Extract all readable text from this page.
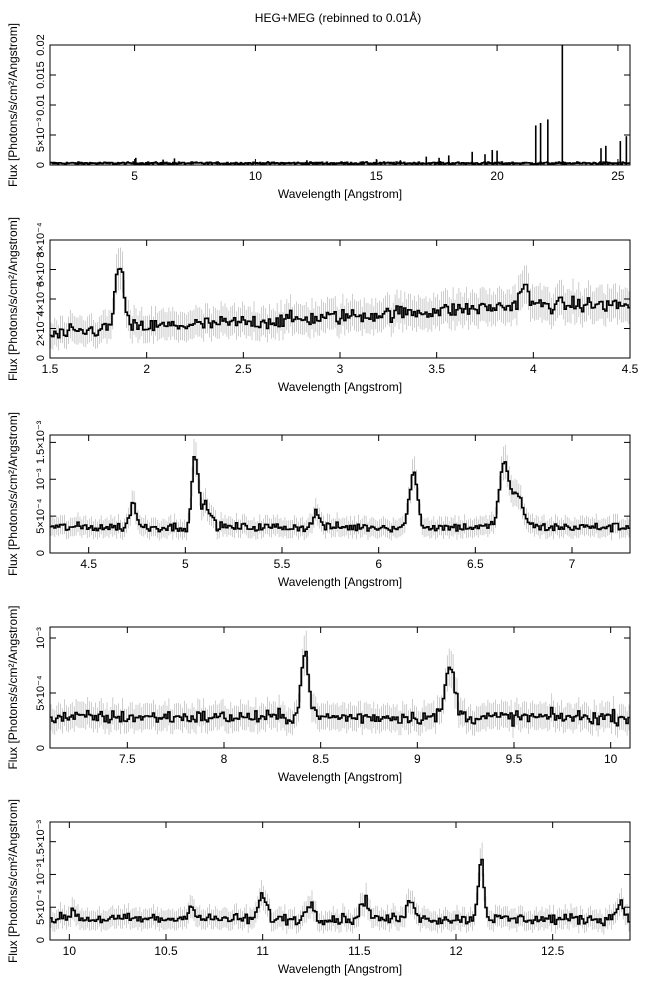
HEG+MEG (rebinned to 0.01Å)
5	10	15	20	25
0
5×10⁻³
0.01
0.015
0.02
Wavelength [Angstrom]
Flux [Photons/s/cm²/Angstrom]
1.5	2	2.5	3	3.5	4	4.5
0
2×10⁻⁴
4×10⁻⁴
6×10⁻⁴
8×10⁻⁴
Wavelength [Angstrom]
Flux [Photons/s/cm²/Angstrom]
4.5	5	5.5	6	6.5	7
0
5×10⁻⁴
10⁻³
1.5×10⁻³
Wavelength [Angstrom]
Flux [Photons/s/cm²/Angstrom]
7.5	8	8.5	9	9.5	10
0
5×10⁻⁴
10⁻³
Wavelength [Angstrom]
Flux [Photons/s/cm²/Angstrom]
10	10.5	11	11.5	12	12.5
0
5×10⁻⁴
10⁻³
1.5×10⁻³
Wavelength [Angstrom]
Flux [Photons/s/cm²/Angstrom]
